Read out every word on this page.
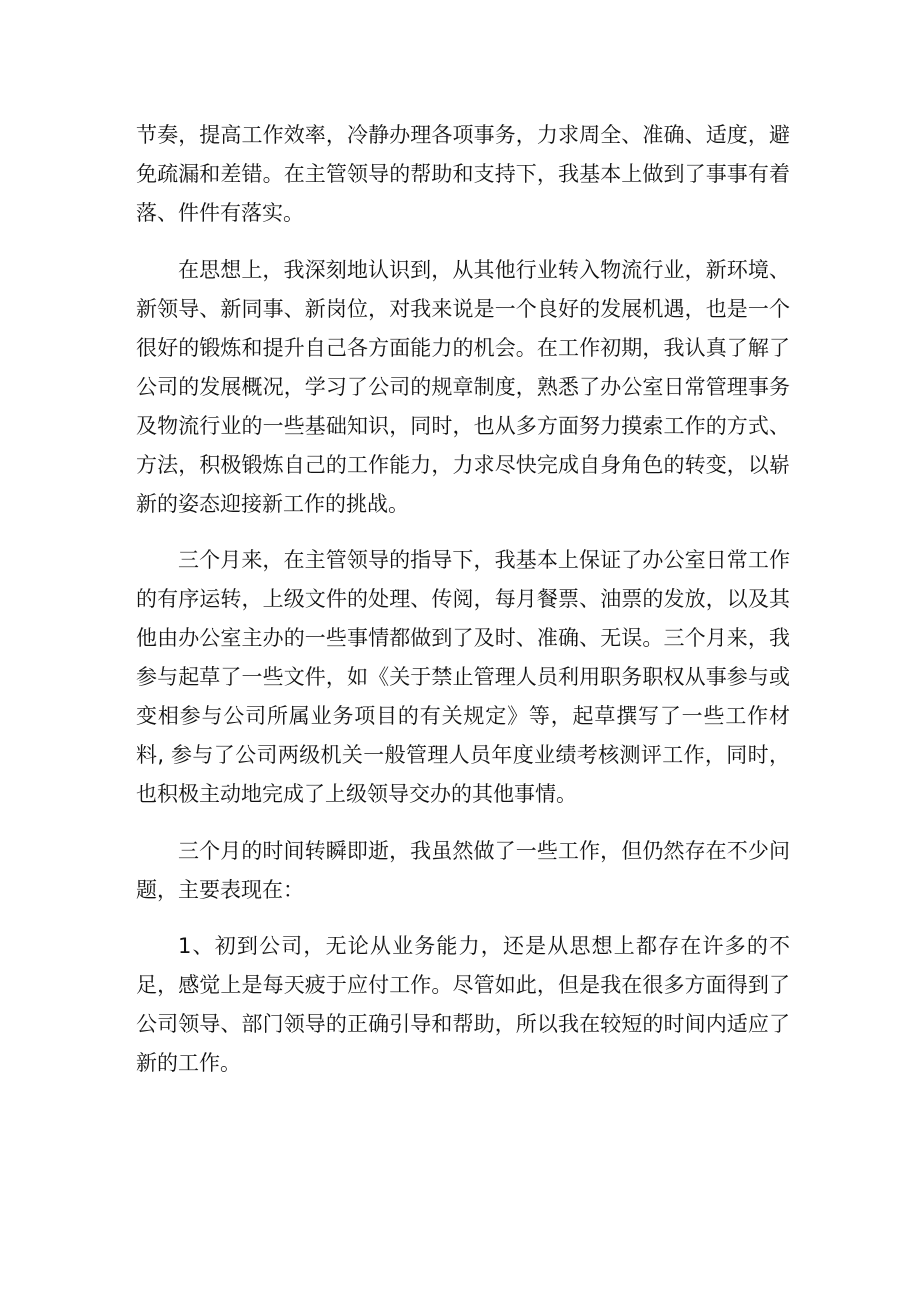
节奏，提高工作效率，冷静办理各项事务，力求周全、准确、适度，避免疏漏和差错。在主管领导的帮助和支持下，我基本上做到了事事有着落、件件有落实。

在思想上，我深刻地认识到，从其他行业转入物流行业，新环境、新领导、新同事、新岗位，对我来说是一个良好的发展机遇，也是一个很好的锻炼和提升自己各方面能力的机会。在工作初期，我认真了解了公司的发展概况，学习了公司的规章制度，熟悉了办公室日常管理事务及物流行业的一些基础知识，同时，也从多方面努力摸索工作的方式、方法，积极锻炼自己的工作能力，力求尽快完成自身角色的转变，以崭新的姿态迎接新工作的挑战。

三个月来，在主管领导的指导下，我基本上保证了办公室日常工作的有序运转，上级文件的处理、传阅，每月餐票、油票的发放，以及其他由办公室主办的一些事情都做到了及时、准确、无误。三个月来，我参与起草了一些文件，如《关于禁止管理人员利用职务职权从事参与或变相参与公司所属业务项目的有关规定》等，起草撰写了一些工作材料, 参与了公司两级机关一般管理人员年度业绩考核测评工作，同时，也积极主动地完成了上级领导交办的其他事情。

三个月的时间转瞬即逝，我虽然做了一些工作，但仍然存在不少问题，主要表现在：

1、初到公司，无论从业务能力，还是从思想上都存在许多的不足，感觉上是每天疲于应付工作。尽管如此，但是我在很多方面得到了公司领导、部门领导的正确引导和帮助，所以我在较短的时间内适应了新的工作。
